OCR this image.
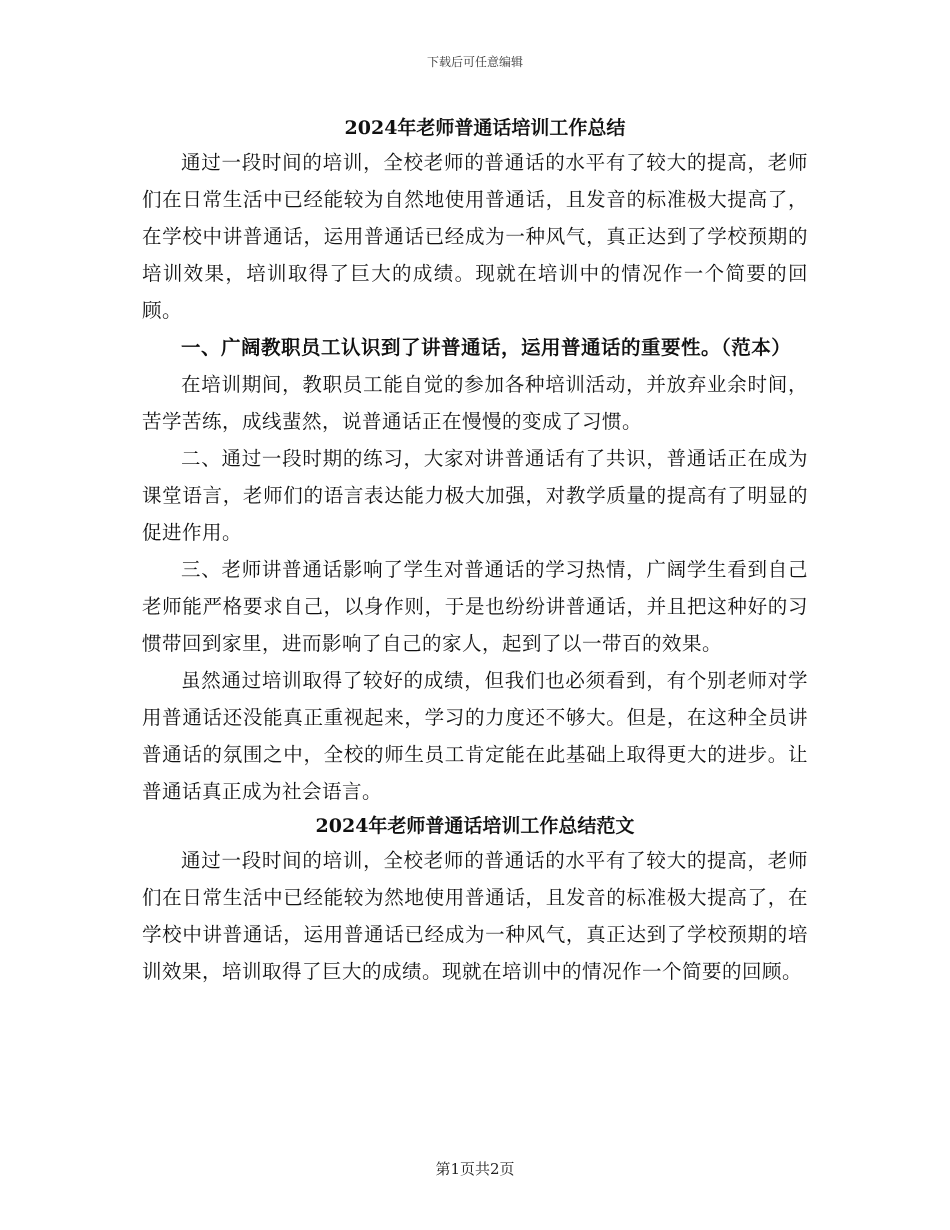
下载后可任意编辑
2024年老师普通话培训工作总结

通过一段时间的培训，全校老师的普通话的水平有了较大的提高，老师们在日常生活中已经能较为自然地使用普通话，且发音的标准极大提高了，在学校中讲普通话，运用普通话已经成为一种风气，真正达到了学校预期的培训效果，培训取得了巨大的成绩。现就在培训中的情况作一个简要的回顾。

一、广阔教职员工认识到了讲普通话，运用普通话的重要性。（范本）

在培训期间，教职员工能自觉的参加各种培训活动，并放弃业余时间，苦学苦练，成线蜚然，说普通话正在慢慢的变成了习惯。

二、通过一段时期的练习，大家对讲普通话有了共识，普通话正在成为课堂语言，老师们的语言表达能力极大加强，对教学质量的提高有了明显的促进作用。

三、老师讲普通话影响了学生对普通话的学习热情，广阔学生看到自己老师能严格要求自己，以身作则，于是也纷纷讲普通话，并且把这种好的习惯带回到家里，进而影响了自己的家人，起到了以一带百的效果。

虽然通过培训取得了较好的成绩，但我们也必须看到，有个别老师对学用普通话还没能真正重视起来，学习的力度还不够大。但是，在这种全员讲普通话的氛围之中，全校的师生员工肯定能在此基础上取得更大的进步。让普通话真正成为社会语言。

2024年老师普通话培训工作总结范文

通过一段时间的培训，全校老师的普通话的水平有了较大的提高，老师们在日常生活中已经能较为然地使用普通话，且发音的标准极大提高了，在学校中讲普通话，运用普通话已经成为一种风气，真正达到了学校预期的培训效果，培训取得了巨大的成绩。现就在培训中的情况作一个简要的回顾。

第1页共2页
